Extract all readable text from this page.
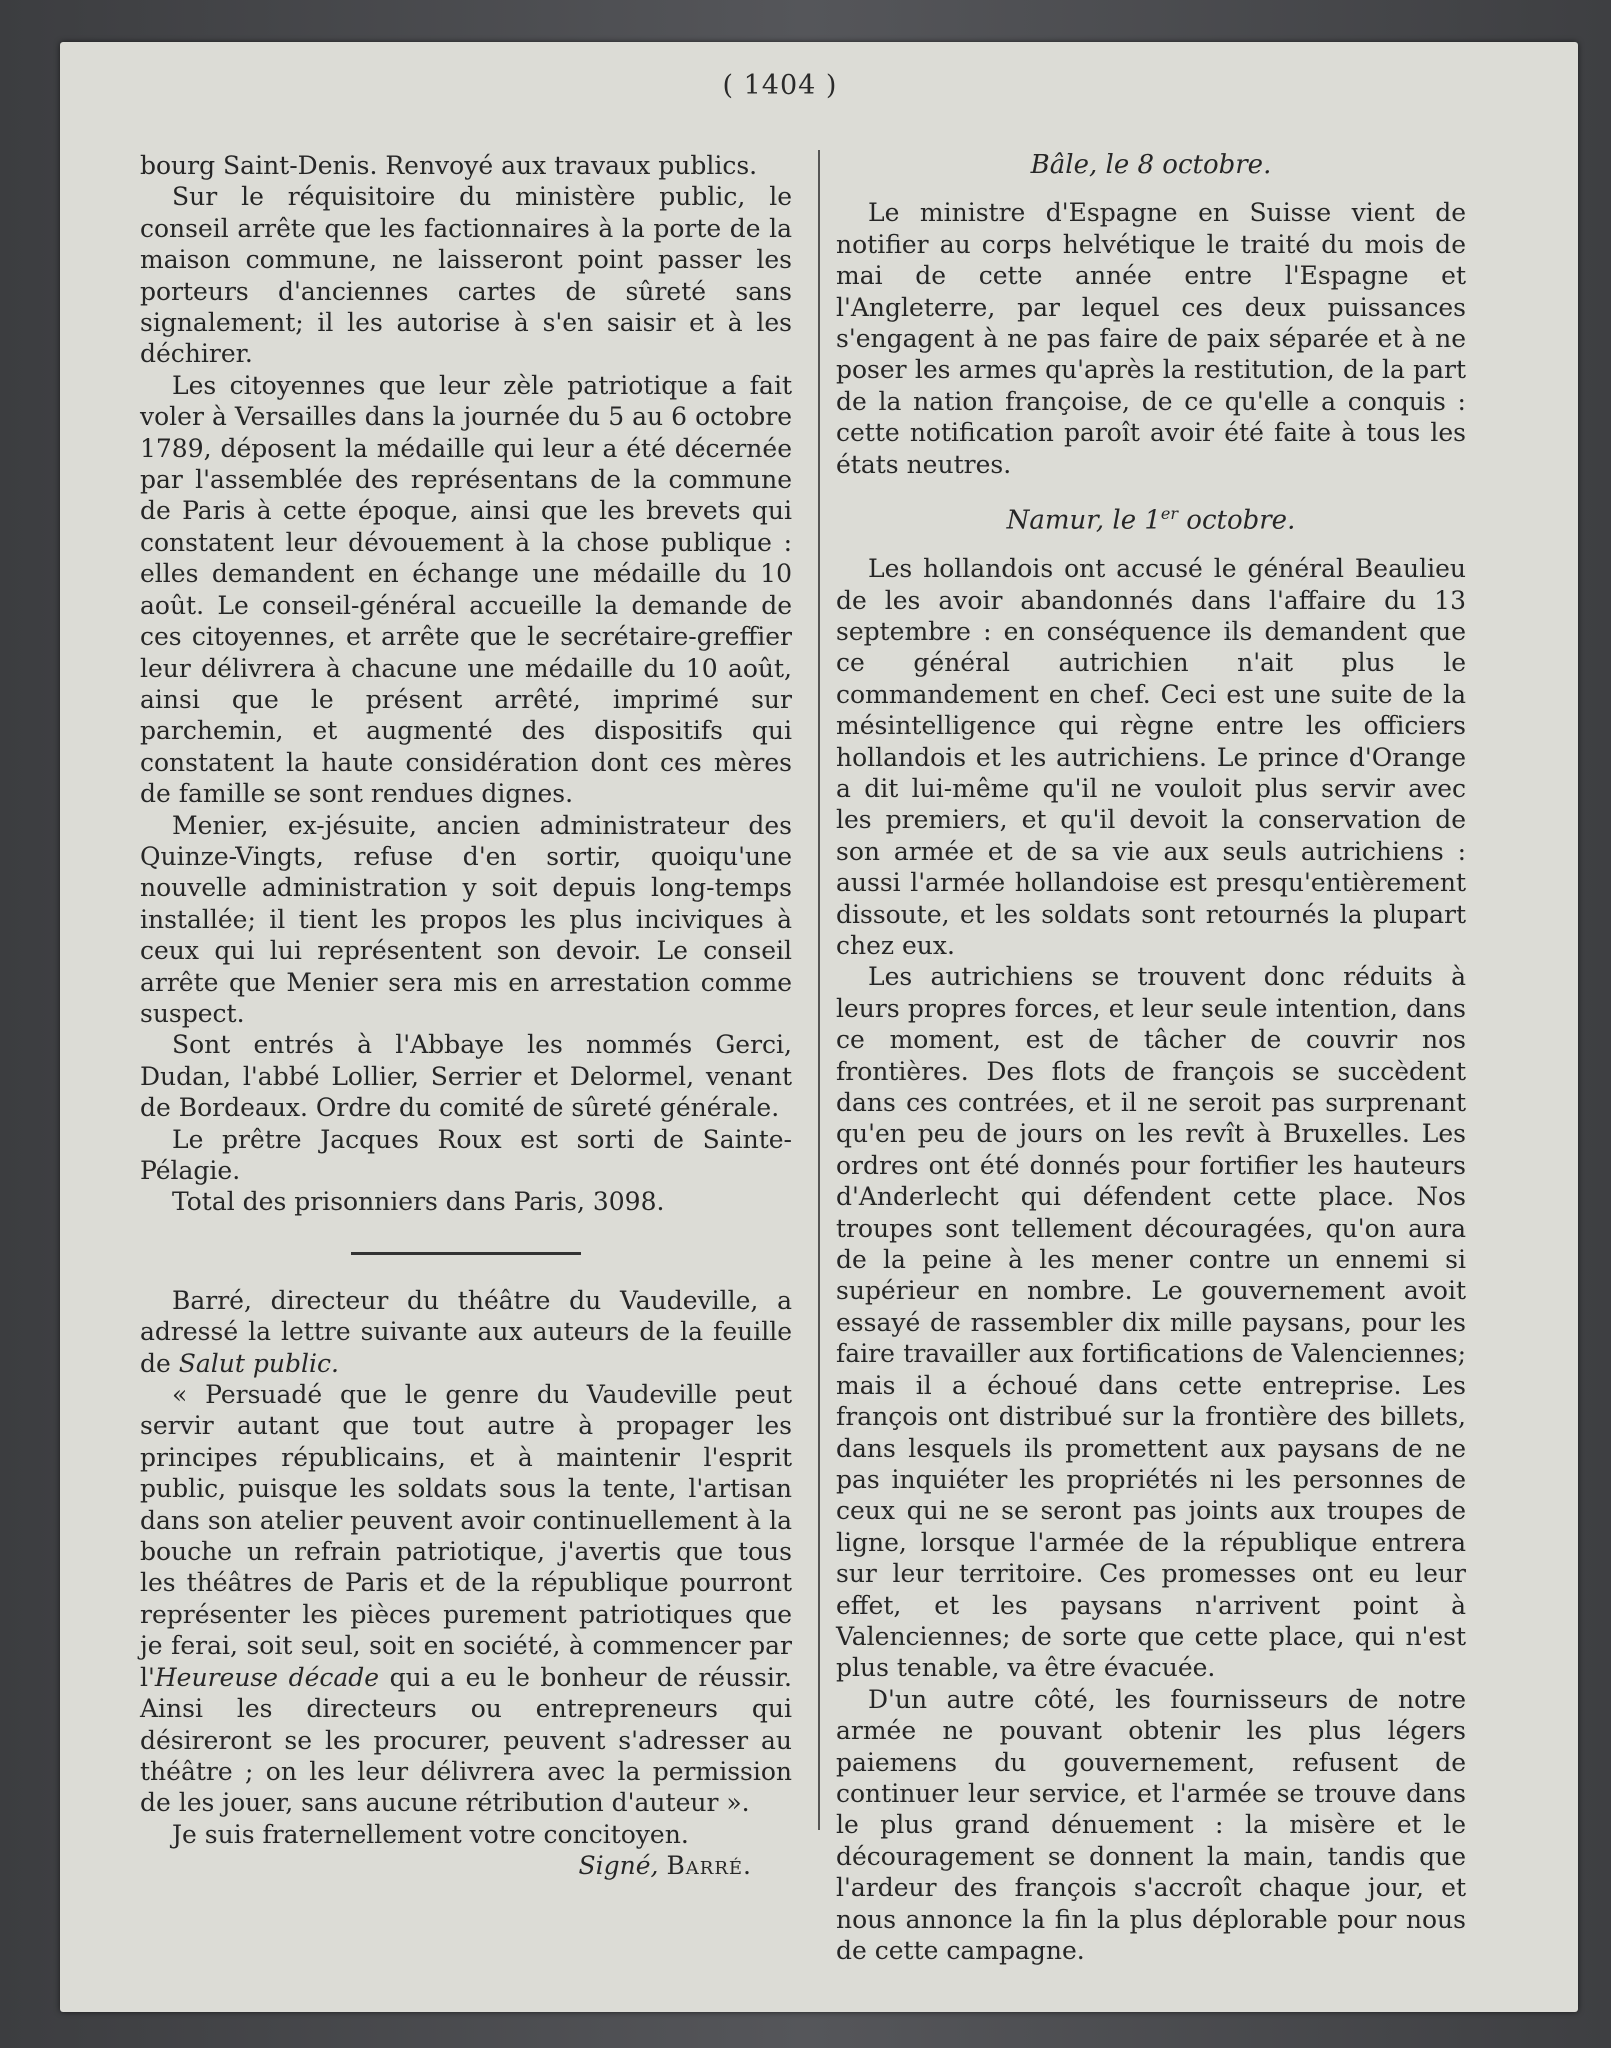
( 1404 )

bourg Saint-Denis. Renvoyé aux travaux publics.

Sur le réquisitoire du ministère public, le conseil arrête que les factionnaires à la porte de la maison commune, ne laisseront point passer les porteurs d'anciennes cartes de sûreté sans signalement; il les autorise à s'en saisir et à les déchirer.

Les citoyennes que leur zèle patriotique a fait voler à Versailles dans la journée du 5 au 6 octobre 1789, déposent la médaille qui leur a été décernée par l'assemblée des représentans de la commune de Paris à cette époque, ainsi que les brevets qui constatent leur dévouement à la chose publique : elles demandent en échange une médaille du 10 août. Le conseil-général accueille la demande de ces citoyennes, et arrête que le secrétaire-greffier leur délivrera à chacune une médaille du 10 août, ainsi que le présent arrêté, imprimé sur parchemin, et augmenté des dispositifs qui constatent la haute considération dont ces mères de famille se sont rendues dignes.

Menier, ex-jésuite, ancien administrateur des Quinze-Vingts, refuse d'en sortir, quoiqu'une nouvelle administration y soit depuis long-temps installée; il tient les propos les plus inciviques à ceux qui lui représentent son devoir. Le conseil arrête que Menier sera mis en arrestation comme suspect.

Sont entrés à l'Abbaye les nommés Gerci, Dudan, l'abbé Lollier, Serrier et Delormel, venant de Bordeaux. Ordre du comité de sûreté générale.

Le prêtre Jacques Roux est sorti de Sainte-Pélagie.

Total des prisonniers dans Paris, 3098.

Barré, directeur du théâtre du Vaudeville, a adressé la lettre suivante aux auteurs de la feuille de Salut public.

« Persuadé que le genre du Vaudeville peut servir autant que tout autre à propager les principes républicains, et à maintenir l'esprit public, puisque les soldats sous la tente, l'artisan dans son atelier peuvent avoir continuellement à la bouche un refrain patriotique, j'avertis que tous les théâtres de Paris et de la république pourront représenter les pièces purement patriotiques que je ferai, soit seul, soit en société, à commencer par l'Heureuse décade qui a eu le bonheur de réussir. Ainsi les directeurs ou entrepreneurs qui désireront se les procurer, peuvent s'adresser au théâtre ; on les leur délivrera avec la permission de les jouer, sans aucune rétribution d'auteur ».

Je suis fraternellement votre concitoyen.

Signé, Barré.

Bâle, le 8 octobre.

Le ministre d'Espagne en Suisse vient de notifier au corps helvétique le traité du mois de mai de cette année entre l'Espagne et l'Angleterre, par lequel ces deux puissances s'engagent à ne pas faire de paix séparée et à ne poser les armes qu'après la restitution, de la part de la nation françoise, de ce qu'elle a conquis : cette notification paroît avoir été faite à tous les états neutres.

Namur, le 1er octobre.

Les hollandois ont accusé le général Beaulieu de les avoir abandonnés dans l'affaire du 13 septembre : en conséquence ils demandent que ce général autrichien n'ait plus le commandement en chef. Ceci est une suite de la mésintelligence qui règne entre les officiers hollandois et les autrichiens. Le prince d'Orange a dit lui-même qu'il ne vouloit plus servir avec les premiers, et qu'il devoit la conservation de son armée et de sa vie aux seuls autrichiens : aussi l'armée hollandoise est presqu'entièrement dissoute, et les soldats sont retournés la plupart chez eux.

Les autrichiens se trouvent donc réduits à leurs propres forces, et leur seule intention, dans ce moment, est de tâcher de couvrir nos frontières. Des flots de françois se succèdent dans ces contrées, et il ne seroit pas surprenant qu'en peu de jours on les revît à Bruxelles. Les ordres ont été donnés pour fortifier les hauteurs d'Anderlecht qui défendent cette place. Nos troupes sont tellement découragées, qu'on aura de la peine à les mener contre un ennemi si supérieur en nombre. Le gouvernement avoit essayé de rassembler dix mille paysans, pour les faire travailler aux fortifications de Valenciennes; mais il a échoué dans cette entreprise. Les françois ont distribué sur la frontière des billets, dans lesquels ils promettent aux paysans de ne pas inquiéter les propriétés ni les personnes de ceux qui ne se seront pas joints aux troupes de ligne, lorsque l'armée de la république entrera sur leur territoire. Ces promesses ont eu leur effet, et les paysans n'arrivent point à Valenciennes; de sorte que cette place, qui n'est plus tenable, va être évacuée.

D'un autre côté, les fournisseurs de notre armée ne pouvant obtenir les plus légers paiemens du gouvernement, refusent de continuer leur service, et l'armée se trouve dans le plus grand dénuement : la misère et le découragement se donnent la main, tandis que l'ardeur des françois s'accroît chaque jour, et nous annonce la fin la plus déplorable pour nous de cette campagne.
